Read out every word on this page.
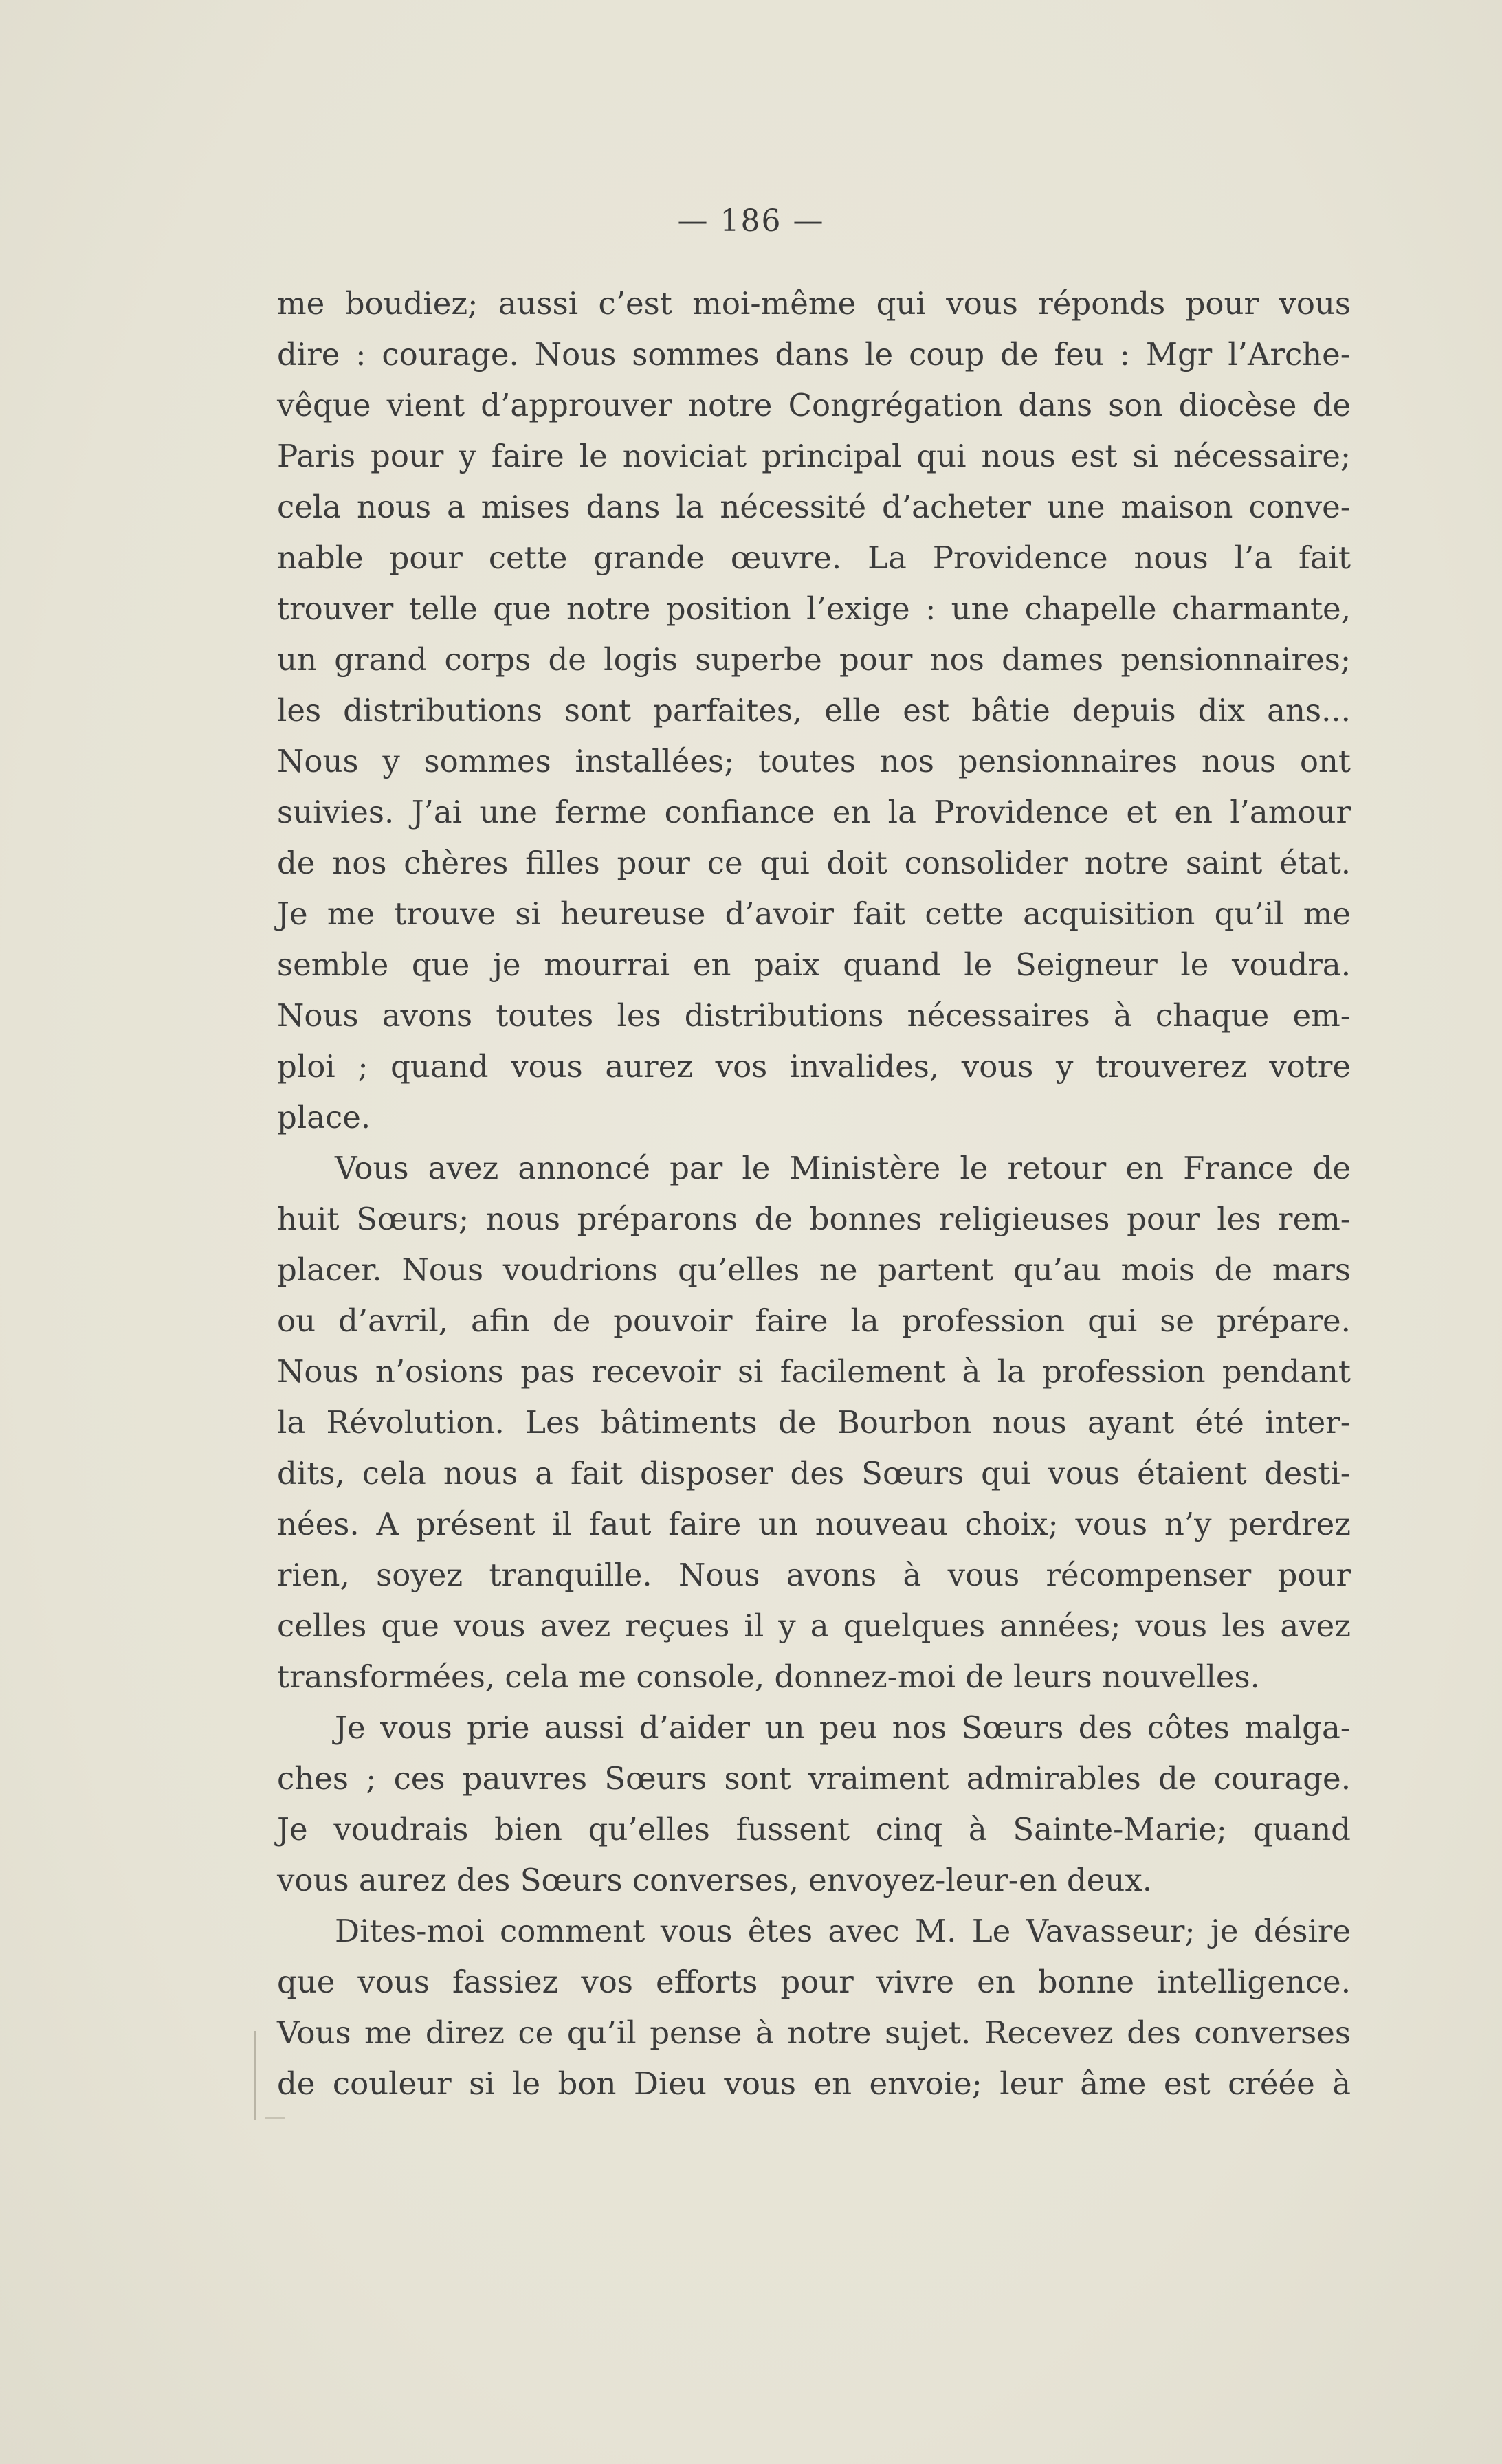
— 186 —
me boudiez; aussi c’est moi-même qui vous réponds pour vous
dire : courage. Nous sommes dans le coup de feu : Mgr l’Arche-
vêque vient d’approuver notre Congrégation dans son diocèse de
Paris pour y faire le noviciat principal qui nous est si nécessaire;
cela nous a mises dans la nécessité d’acheter une maison conve-
nable pour cette grande œuvre. La Providence nous l’a fait
trouver telle que notre position l’exige : une chapelle charmante,
un grand corps de logis superbe pour nos dames pensionnaires;
les distributions sont parfaites, elle est bâtie depuis dix ans...
Nous y sommes installées; toutes nos pensionnaires nous ont
suivies. J’ai une ferme confiance en la Providence et en l’amour
de nos chères filles pour ce qui doit consolider notre saint état.
Je me trouve si heureuse d’avoir fait cette acquisition qu’il me
semble que je mourrai en paix quand le Seigneur le voudra.
Nous avons toutes les distributions nécessaires à chaque em-
ploi ; quand vous aurez vos invalides, vous y trouverez votre
place.
Vous avez annoncé par le Ministère le retour en France de
huit Sœurs; nous préparons de bonnes religieuses pour les rem-
placer. Nous voudrions qu’elles ne partent qu’au mois de mars
ou d’avril, afin de pouvoir faire la profession qui se prépare.
Nous n’osions pas recevoir si facilement à la profession pendant
la Révolution. Les bâtiments de Bourbon nous ayant été inter-
dits, cela nous a fait disposer des Sœurs qui vous étaient desti-
nées. A présent il faut faire un nouveau choix; vous n’y perdrez
rien, soyez tranquille. Nous avons à vous récompenser pour
celles que vous avez reçues il y a quelques années; vous les avez
transformées, cela me console, donnez-moi de leurs nouvelles.
Je vous prie aussi d’aider un peu nos Sœurs des côtes malga-
ches ; ces pauvres Sœurs sont vraiment admirables de courage.
Je voudrais bien qu’elles fussent cinq à Sainte-Marie; quand
vous aurez des Sœurs converses, envoyez-leur-en deux.
Dites-moi comment vous êtes avec M. Le Vavasseur; je désire
que vous fassiez vos efforts pour vivre en bonne intelligence.
Vous me direz ce qu’il pense à notre sujet. Recevez des converses
de couleur si le bon Dieu vous en envoie; leur âme est créée à
